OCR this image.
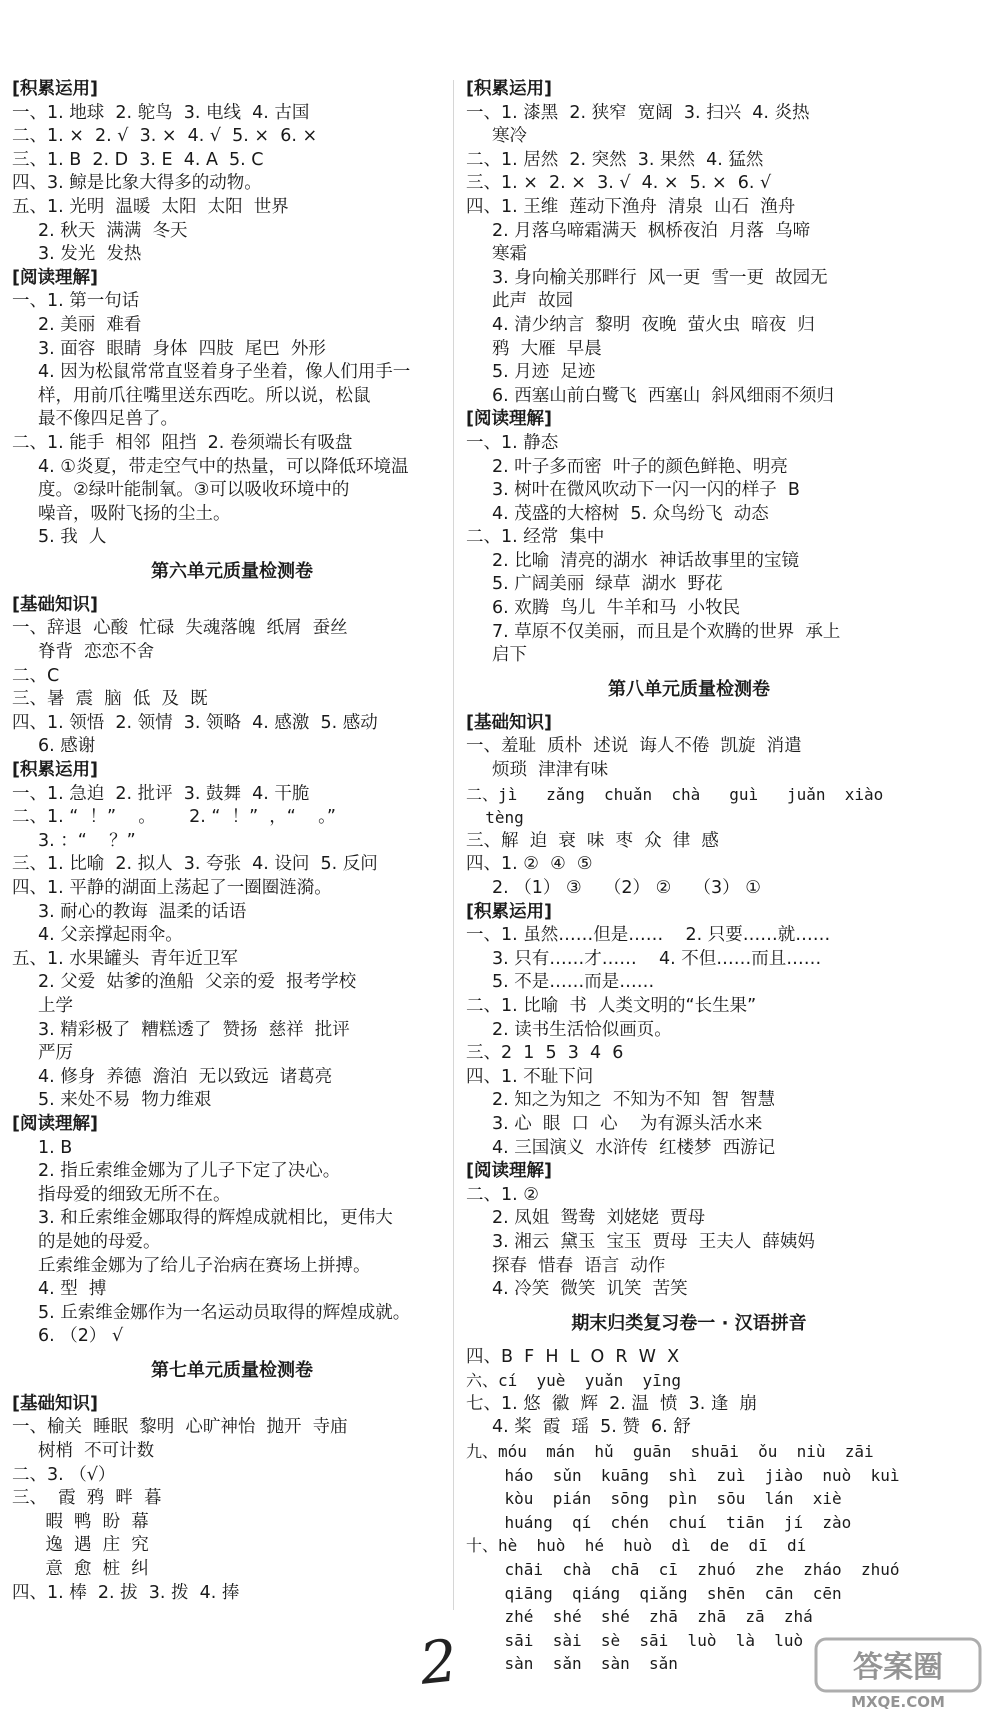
[积累运用]
一、1. 地球  2. 鸵鸟  3. 电线  4. 古国
二、1. ×  2. √  3. ×  4. √  5. ×  6. ×
三、1. B  2. D  3. E  4. A  5. C
四、3. 鲸是比象大得多的动物。
五、1. 光明  温暖  太阳  太阳  世界
2. 秋天  满满  冬天
3. 发光  发热
[阅读理解]
一、1. 第一句话
2. 美丽  难看
3. 面容  眼睛  身体  四肢  尾巴  外形
4. 因为松鼠常常直竖着身子坐着，像人们用手一
样，用前爪往嘴里送东西吃。所以说，松鼠
最不像四足兽了。
二、1. 能手  相邻  阻挡  2. 卷须端长有吸盘
4. ①炎夏，带走空气中的热量，可以降低环境温
度。②绿叶能制氧。③可以吸收环境中的
噪音，吸附飞扬的尘土。
5. 我  人
第六单元质量检测卷
[基础知识]
一、辞退  心酸  忙碌  失魂落魄  纸屑  蚕丝
脊背  恋恋不舍
二、C
三、暑  震  脑  低  及  既
四、1. 领悟  2. 领情  3. 领略  4. 感激  5. 感动
6. 感谢
[积累运用]
一、1. 急迫  2. 批评  3. 鼓舞  4. 干脆
二、1. “  ！”    。      2. “  ！”  ，“    。”
3. ：“    ？”
三、1. 比喻  2. 拟人  3. 夸张  4. 设问  5. 反问
四、1. 平静的湖面上荡起了一圈圈涟漪。
3. 耐心的教诲  温柔的话语
4. 父亲撑起雨伞。
五、1. 水果罐头  青年近卫军
2. 父爱  姑爹的渔船  父亲的爱  报考学校
上学
3. 精彩极了  糟糕透了  赞扬  慈祥  批评
严厉
4. 修身  养德  澹泊  无以致远  诸葛亮
5. 来处不易  物力维艰
[阅读理解]
1. B
2. 指丘索维金娜为了儿子下定了决心。
指母爱的细致无所不在。
3. 和丘索维金娜取得的辉煌成就相比，更伟大
的是她的母爱。
丘索维金娜为了给儿子治病在赛场上拼搏。
4. 型  搏
5. 丘索维金娜作为一名运动员取得的辉煌成就。
6. （2） √
第七单元质量检测卷
[基础知识]
一、榆关  睡眠  黎明  心旷神怡  抛开  寺庙
树梢  不可计数
二、3. （√）
三、  霞  鸦  畔  暮
暇  鸭  盼  幕
逸  遇  庄  究
意  愈  桩  纠
四、1. 棒  2. 拔  3. 拨  4. 捧
[积累运用]
一、1. 漆黑  2. 狭窄  宽阔  3. 扫兴  4. 炎热
寒冷
二、1. 居然  2. 突然  3. 果然  4. 猛然
三、1. ×  2. ×  3. √  4. ×  5. ×  6. √
四、1. 王维  莲动下渔舟  清泉  山石  渔舟
2. 月落乌啼霜满天  枫桥夜泊  月落  乌啼
寒霜
3. 身向榆关那畔行  风一更  雪一更  故园无
此声  故园
4. 清少纳言  黎明  夜晚  萤火虫  暗夜  归
鸦  大雁  早晨
5. 月迹  足迹
6. 西塞山前白鹭飞  西塞山  斜风细雨不须归
[阅读理解]
一、1. 静态
2. 叶子多而密  叶子的颜色鲜艳、明亮
3. 树叶在微风吹动下一闪一闪的样子  B
4. 茂盛的大榕树  5. 众鸟纷飞  动态
二、1. 经常  集中
2. 比喻  清亮的湖水  神话故事里的宝镜
5. 广阔美丽  绿草  湖水  野花
6. 欢腾  鸟儿  牛羊和马  小牧民
7. 草原不仅美丽，而且是个欢腾的世界  承上
启下
第八单元质量检测卷
[基础知识]
一、羞耻  质朴  述说  诲人不倦  凯旋  消遣
烦琐  津津有味
二、jì   zǎng  chuǎn  chà   guì   juǎn  xiào
tèng
三、解  迫  衰  味  枣  众  律  感
四、1. ②  ④  ⑤
2. （1） ③    （2） ②    （3） ①
[积累运用]
一、1. 虽然……但是……    2. 只要……就……
3. 只有……才……    4. 不但……而且……
5. 不是……而是……
二、1. 比喻  书  人类文明的“长生果”
2. 读书生活恰似画页。
三、2  1  5  3  4  6
四、1. 不耻下问
2. 知之为知之  不知为不知  智  智慧
3. 心  眼  口  心    为有源头活水来
4. 三国演义  水浒传  红楼梦  西游记
[阅读理解]
二、1. ②
2. 凤姐  鸳鸯  刘姥姥  贾母
3. 湘云  黛玉  宝玉  贾母  王夫人  薛姨妈
探春  惜春  语言  动作
4. 冷笑  微笑  讥笑  苦笑
期末归类复习卷一 · 汉语拼音
四、B  F  H  L  O  R  W  X
六、cí  yuè  yuǎn  yīng
七、1. 悠  徽  辉  2. 温  愤  3. 逢  崩
4. 桨  霞  瑶  5. 赞  6. 舒
九、móu  mán  hǔ  guān  shuāi  ǒu  niù  zāi
háo  sǔn  kuāng  shì  zuì  jiào  nuò  kuì
kòu  pián  sōng  pìn  sōu  lán  xiè
huáng  qí  chén  chuí  tiān  jí  zào
十、hè  huò  hé  huò  dì  de  dī  dí
chāi  chà  chā  cī  zhuó  zhe  zháo  zhuó
qiāng  qiáng  qiǎng  shēn  cān  cēn
zhé  shé  shé  zhā  zhā  zā  zhá
sāi  sài  sè  sāi  luò  là  luò
sàn  sǎn  sàn  sǎn
2	答案圈
MXQE.COM
